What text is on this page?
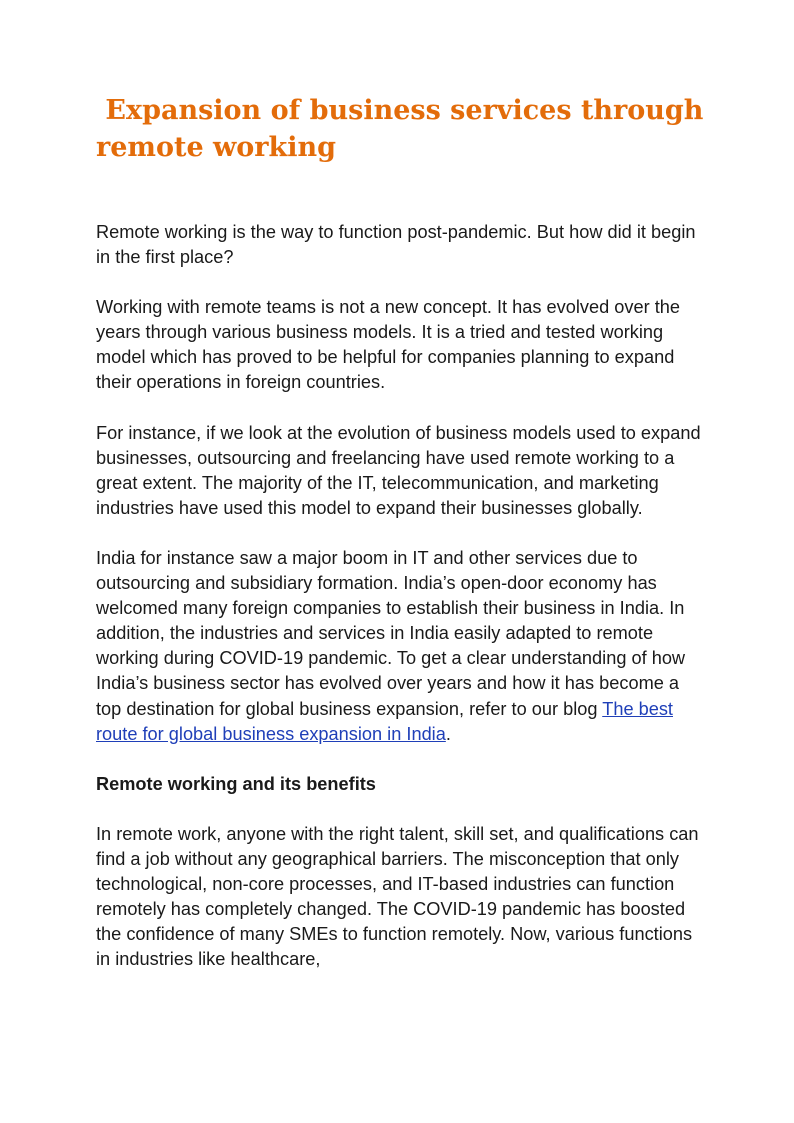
Expansion of business services through remote working

Remote working is the way to function post-pandemic. But how did it begin in the first place?

Working with remote teams is not a new concept. It has evolved over the years through various business models. It is a tried and tested working model which has proved to be helpful for companies planning to expand their operations in foreign countries.

For instance, if we look at the evolution of business models used to expand businesses, outsourcing and freelancing have used remote working to a great extent. The majority of the IT, telecommunication, and marketing industries have used this model to expand their businesses globally.

India for instance saw a major boom in IT and other services due to outsourcing and subsidiary formation. India’s open-door economy has welcomed many foreign companies to establish their business in India. In addition, the industries and services in India easily adapted to remote working during COVID-19 pandemic. To get a clear understanding of how India’s business sector has evolved over years and how it has become a top destination for global business expansion, refer to our blog The best route for global business expansion in India.

Remote working and its benefits

In remote work, anyone with the right talent, skill set, and qualifications can find a job without any geographical barriers. The misconception that only technological, non-core processes, and IT-based industries can function remotely has completely changed. The COVID-19 pandemic has boosted the confidence of many SMEs to function remotely. Now, various functions in industries like healthcare,
